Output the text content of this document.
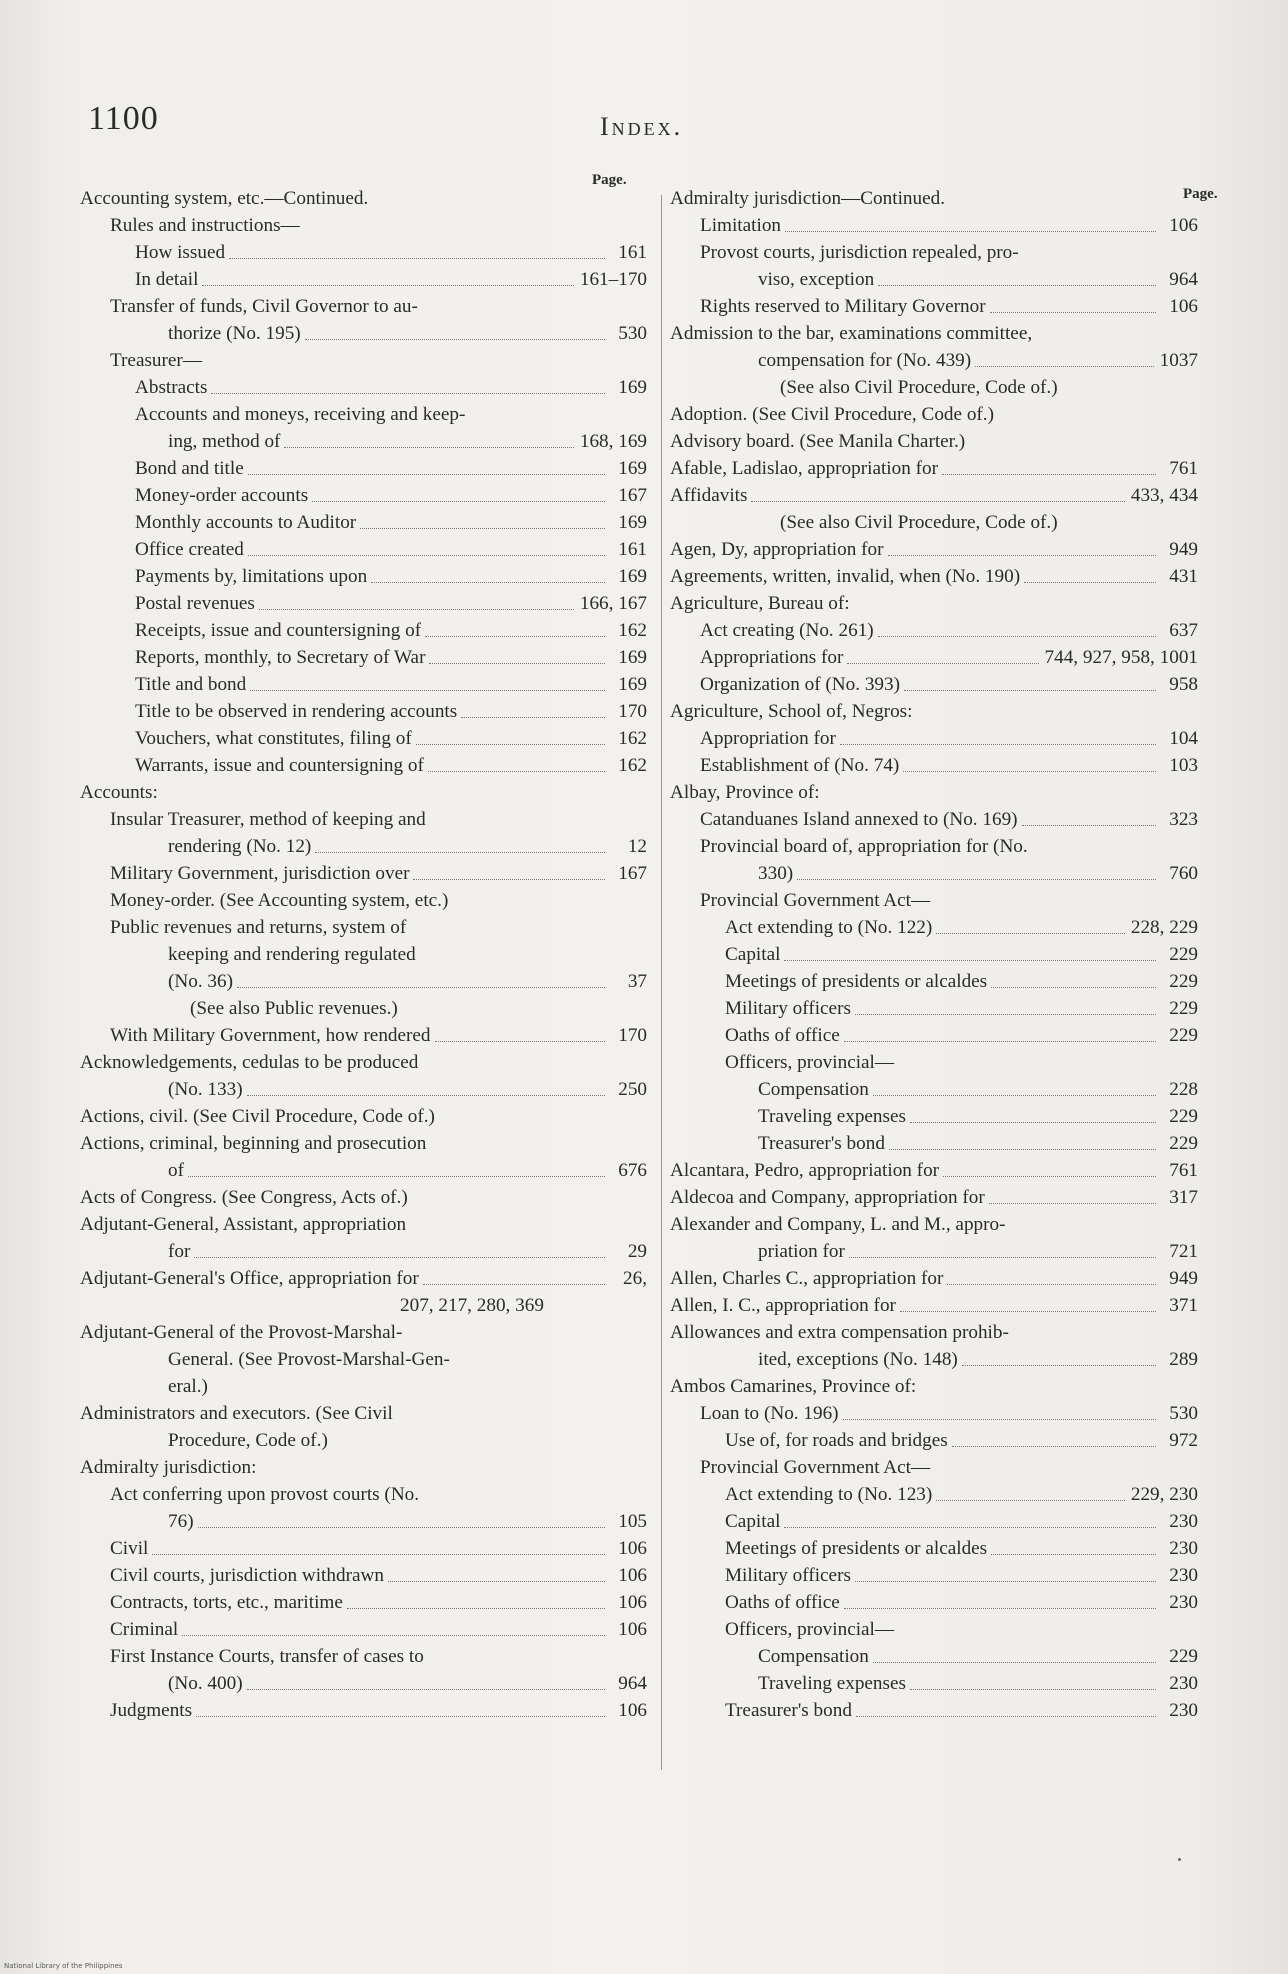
1100	Index.
Page.
Page.
Accounting system, etc.—Continued.
Rules and instructions—
How issued	161
In detail	161–170
Transfer of funds, Civil Governor to au-
thorize (No. 195)	530
Treasurer—
Abstracts	169
Accounts and moneys, receiving and keep-
ing, method of	168, 169
Bond and title	169
Money-order accounts	167
Monthly accounts to Auditor	169
Office created	161
Payments by, limitations upon	169
Postal revenues	166, 167
Receipts, issue and countersigning of	162
Reports, monthly, to Secretary of War	169
Title and bond	169
Title to be observed in rendering accounts	170
Vouchers, what constitutes, filing of	162
Warrants, issue and countersigning of	162
Accounts:
Insular Treasurer, method of keeping and
rendering (No. 12)	12
Military Government, jurisdiction over	167
Money-order. (See Accounting system, etc.)
Public revenues and returns, system of
keeping and rendering regulated
(No. 36)	37
(See also Public revenues.)
With Military Government, how rendered	170
Acknowledgements, cedulas to be produced
(No. 133)	250
Actions, civil. (See Civil Procedure, Code of.)
Actions, criminal, beginning and prosecution
of	676
Acts of Congress. (See Congress, Acts of.)
Adjutant-General, Assistant, appropriation
for	29
Adjutant-General's Office, appropriation for	26,
207, 217, 280, 369
Adjutant-General of the Provost-Marshal-
General. (See Provost-Marshal-Gen-
eral.)
Administrators and executors. (See Civil
Procedure, Code of.)
Admiralty jurisdiction:
Act conferring upon provost courts (No.
76)	105
Civil	106
Civil courts, jurisdiction withdrawn	106
Contracts, torts, etc., maritime	106
Criminal	106
First Instance Courts, transfer of cases to
(No. 400)	964
Judgments	106
Admiralty jurisdiction—Continued.
Limitation	106
Provost courts, jurisdiction repealed, pro-
viso, exception	964
Rights reserved to Military Governor	106
Admission to the bar, examinations committee,
compensation for (No. 439)	1037
(See also Civil Procedure, Code of.)
Adoption. (See Civil Procedure, Code of.)
Advisory board. (See Manila Charter.)
Afable, Ladislao, appropriation for	761
Affidavits	433, 434
(See also Civil Procedure, Code of.)
Agen, Dy, appropriation for	949
Agreements, written, invalid, when (No. 190)	431
Agriculture, Bureau of:
Act creating (No. 261)	637
Appropriations for	744, 927, 958, 1001
Organization of (No. 393)	958
Agriculture, School of, Negros:
Appropriation for	104
Establishment of (No. 74)	103
Albay, Province of:
Catanduanes Island annexed to (No. 169)	323
Provincial board of, appropriation for (No.
330)	760
Provincial Government Act—
Act extending to (No. 122)	228, 229
Capital	229
Meetings of presidents or alcaldes	229
Military officers	229
Oaths of office	229
Officers, provincial—
Compensation	228
Traveling expenses	229
Treasurer's bond	229
Alcantara, Pedro, appropriation for	761
Aldecoa and Company, appropriation for	317
Alexander and Company, L. and M., appro-
priation for	721
Allen, Charles C., appropriation for	949
Allen, I. C., appropriation for	371
Allowances and extra compensation prohib-
ited, exceptions (No. 148)	289
Ambos Camarines, Province of:
Loan to (No. 196)	530
Use of, for roads and bridges	972
Provincial Government Act—
Act extending to (No. 123)	229, 230
Capital	230
Meetings of presidents or alcaldes	230
Military officers	230
Oaths of office	230
Officers, provincial—
Compensation	229
Traveling expenses	230
Treasurer's bond	230
National Library of the Philippines
